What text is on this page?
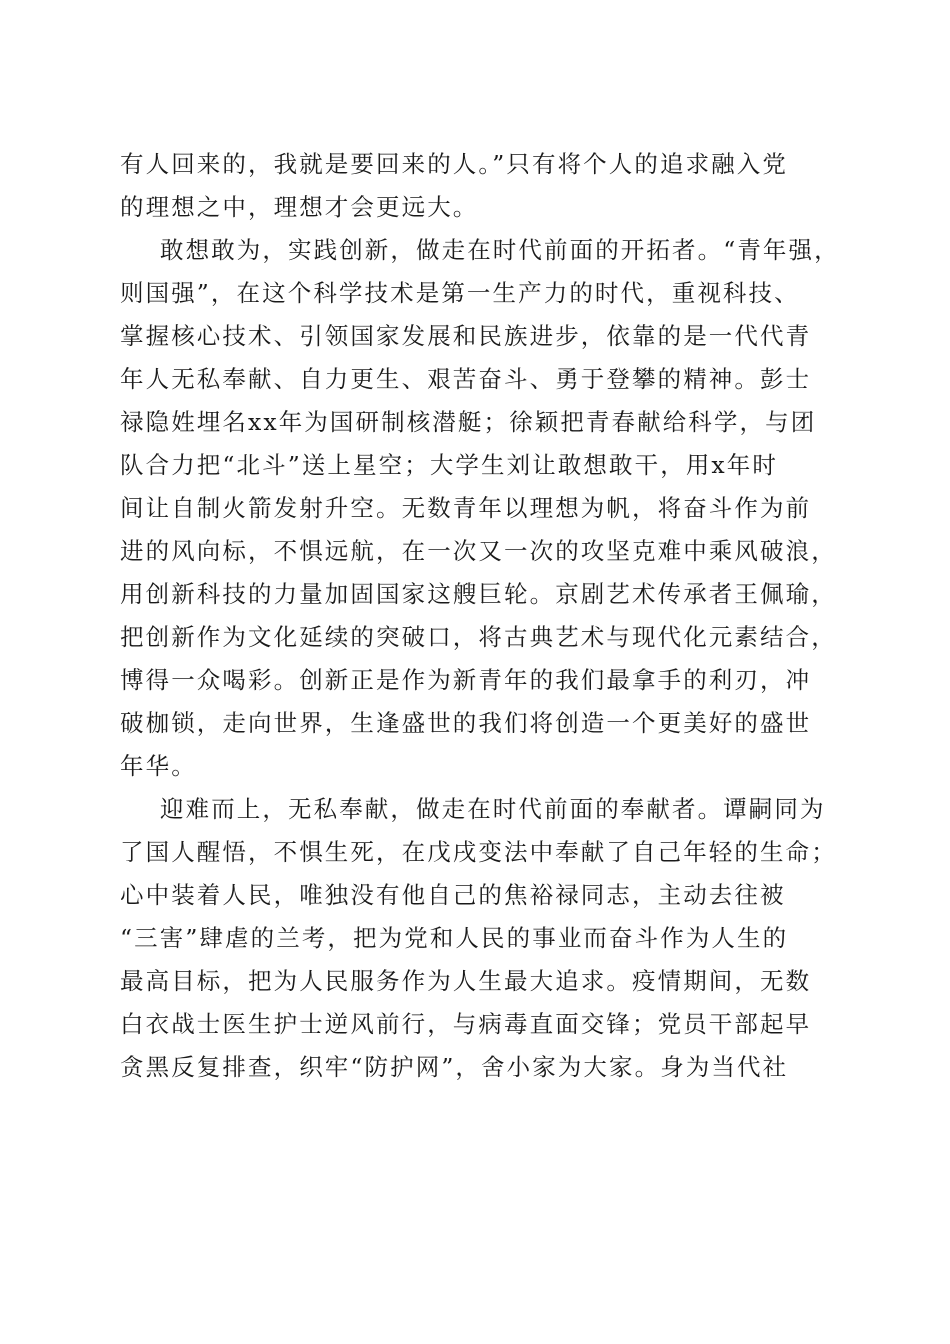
有人回来的，我就是要回来的人。”只有将个人的追求融入党
的理想之中，理想才会更远大。
敢想敢为，实践创新，做走在时代前面的开拓者。“青年强，
则国强”，在这个科学技术是第一生产力的时代，重视科技、
掌握核心技术、引领国家发展和民族进步，依靠的是一代代青
年人无私奉献、自力更生、艰苦奋斗、勇于登攀的精神。彭士
禄隐姓埋名xx年为国研制核潜艇；徐颖把青春献给科学，与团
队合力把“北斗”送上星空；大学生刘让敢想敢干，用x年时
间让自制火箭发射升空。无数青年以理想为帆，将奋斗作为前
进的风向标，不惧远航，在一次又一次的攻坚克难中乘风破浪，
用创新科技的力量加固国家这艘巨轮。京剧艺术传承者王佩瑜，
把创新作为文化延续的突破口，将古典艺术与现代化元素结合，
博得一众喝彩。创新正是作为新青年的我们最拿手的利刃，冲
破枷锁，走向世界，生逢盛世的我们将创造一个更美好的盛世
年华。
迎难而上，无私奉献，做走在时代前面的奉献者。谭嗣同为
了国人醒悟，不惧生死，在戊戌变法中奉献了自己年轻的生命；
心中装着人民，唯独没有他自己的焦裕禄同志，主动去往被
“三害”肆虐的兰考，把为党和人民的事业而奋斗作为人生的
最高目标，把为人民服务作为人生最大追求。疫情期间，无数
白衣战士医生护士逆风前行，与病毒直面交锋；党员干部起早
贪黑反复排查，织牢“防护网”，舍小家为大家。身为当代社
